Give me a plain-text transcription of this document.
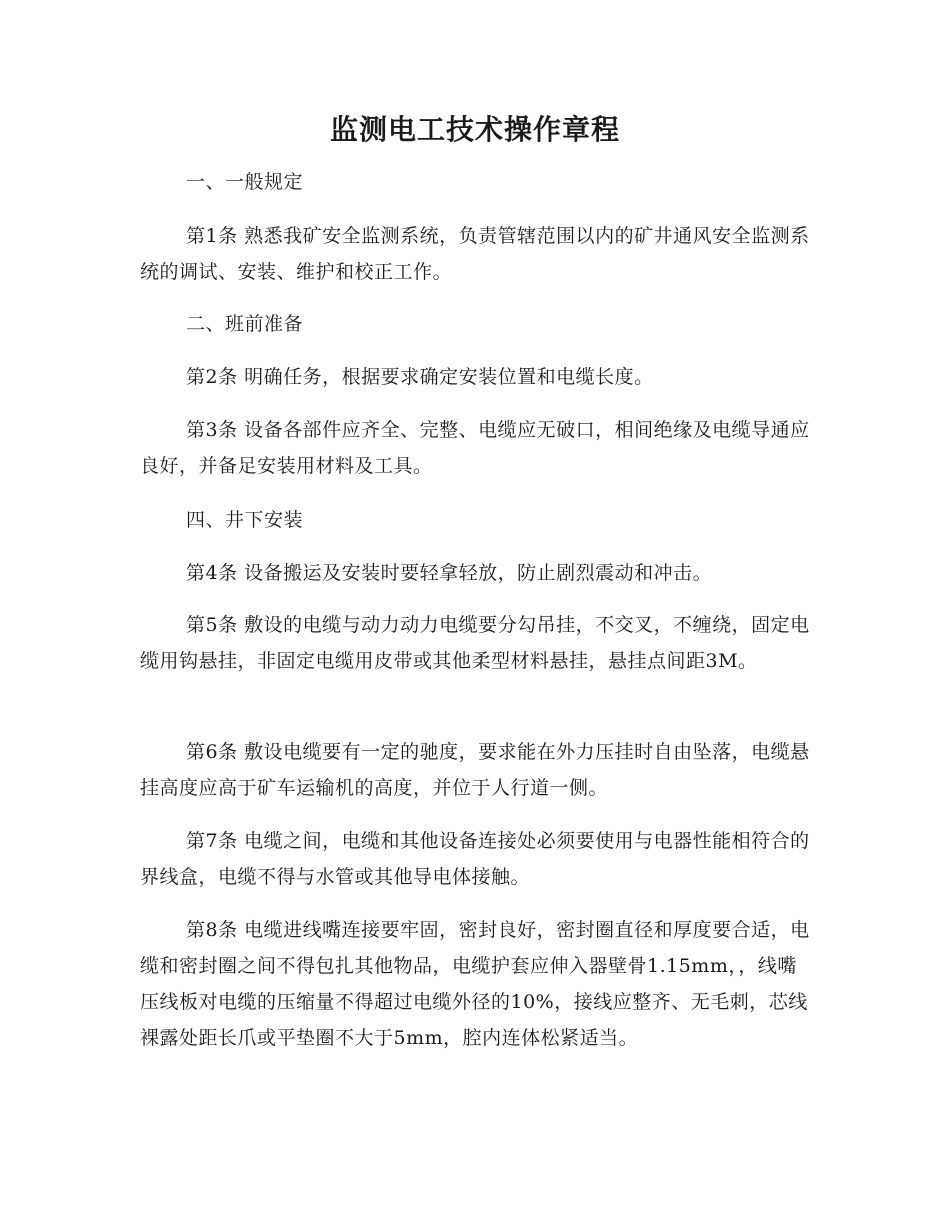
监测电工技术操作章程
一、一般规定

第1条 熟悉我矿安全监测系统，负责管辖范围以内的矿井通风安全监测系统的调试、安装、维护和校正工作。

二、班前准备

第2条 明确任务，根据要求确定安装位置和电缆长度。

第3条 设备各部件应齐全、完整、电缆应无破口，相间绝缘及电缆导通应良好，并备足安装用材料及工具。

四、井下安装

第4条 设备搬运及安装时要轻拿轻放，防止剧烈震动和冲击。

第5条 敷设的电缆与动力动力电缆要分勾吊挂，不交叉，不缠绕，固定电缆用钩悬挂，非固定电缆用皮带或其他柔型材料悬挂，悬挂点间距3M。

第6条 敷设电缆要有一定的驰度，要求能在外力压挂时自由坠落，电缆悬挂高度应高于矿车运输机的高度，并位于人行道一侧。

第7条 电缆之间，电缆和其他设备连接处必须要使用与电器性能相符合的界线盒，电缆不得与水管或其他导电体接触。

第8条 电缆进线嘴连接要牢固，密封良好，密封圈直径和厚度要合适，电缆和密封圈之间不得包扎其他物品，电缆护套应伸入器壁骨1.15mm，，线嘴压线板对电缆的压缩量不得超过电缆外径的10%，接线应整齐、无毛刺，芯线裸露处距长爪或平垫圈不大于5mm，腔内连体松紧适当。
